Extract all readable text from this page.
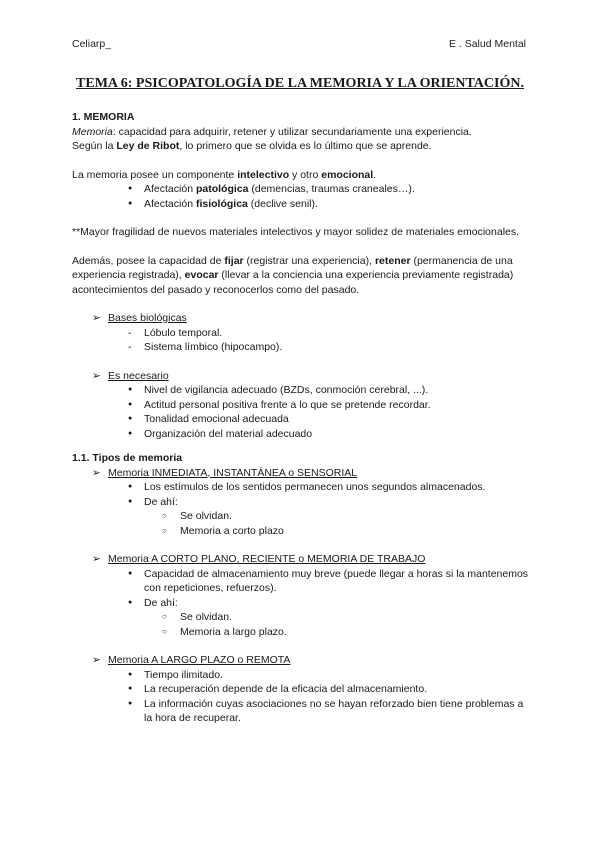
Celiarp_	E . Salud Mental
TEMA 6: PSICOPATOLOGÍA DE LA MEMORIA Y LA ORIENTACIÓN.

1. MEMORIA

Memoria: capacidad para adquirir, retener y utilizar secundariamente una experiencia.

Según la Ley de Ribot, lo primero que se olvida es lo último que se aprende.

La memoria posee un componente intelectivo y otro emocional.

● Afectación patológica (demencias, traumas craneales…).
● Afectación fisiológica (declive senil).

**Mayor fragilidad de nuevos materiales intelectivos y mayor solidez de materiales emocionales.

Además, posee la capacidad de fijar (registrar una experiencia), retener (permanencia de una experiencia registrada), evocar (llevar a la conciencia una experiencia previamente registrada) acontecimientos del pasado y reconocerlos como del pasado.

➢ Bases biológicas

- Lóbulo temporal.
- Sistema límbico (hipocampo).

➢ Es necesario

● Nivel de vigilancia adecuado (BZDs, conmoción cerebral, ...).
● Actitud personal positiva frente a lo que se pretende recordar.
● Tonalidad emocional adecuada
● Organización del material adecuado

1.1. Tipos de memoria

➢ Memoria INMEDIATA, INSTANTÁNEA o SENSORIAL

● Los estímulos de los sentidos permanecen unos segundos almacenados.
● De ahí:
○ Se olvidan.
○ Memoria a corto plazo

➢ Memoria A CORTO PLANO, RECIENTE o MEMORIA DE TRABAJO

● Capacidad de almacenamiento muy breve (puede llegar a horas si la mantenemos con repeticiones, refuerzos).
● De ahí:
○ Se olvidan.
○ Memoria a largo plazo.

➢ Memoria A LARGO PLAZO o REMOTA

● Tiempo ilimitado.
● La recuperación depende de la eficacia del almacenamiento.
● La información cuyas asociaciones no se hayan reforzado bien tiene problemas a la hora de recuperar.
